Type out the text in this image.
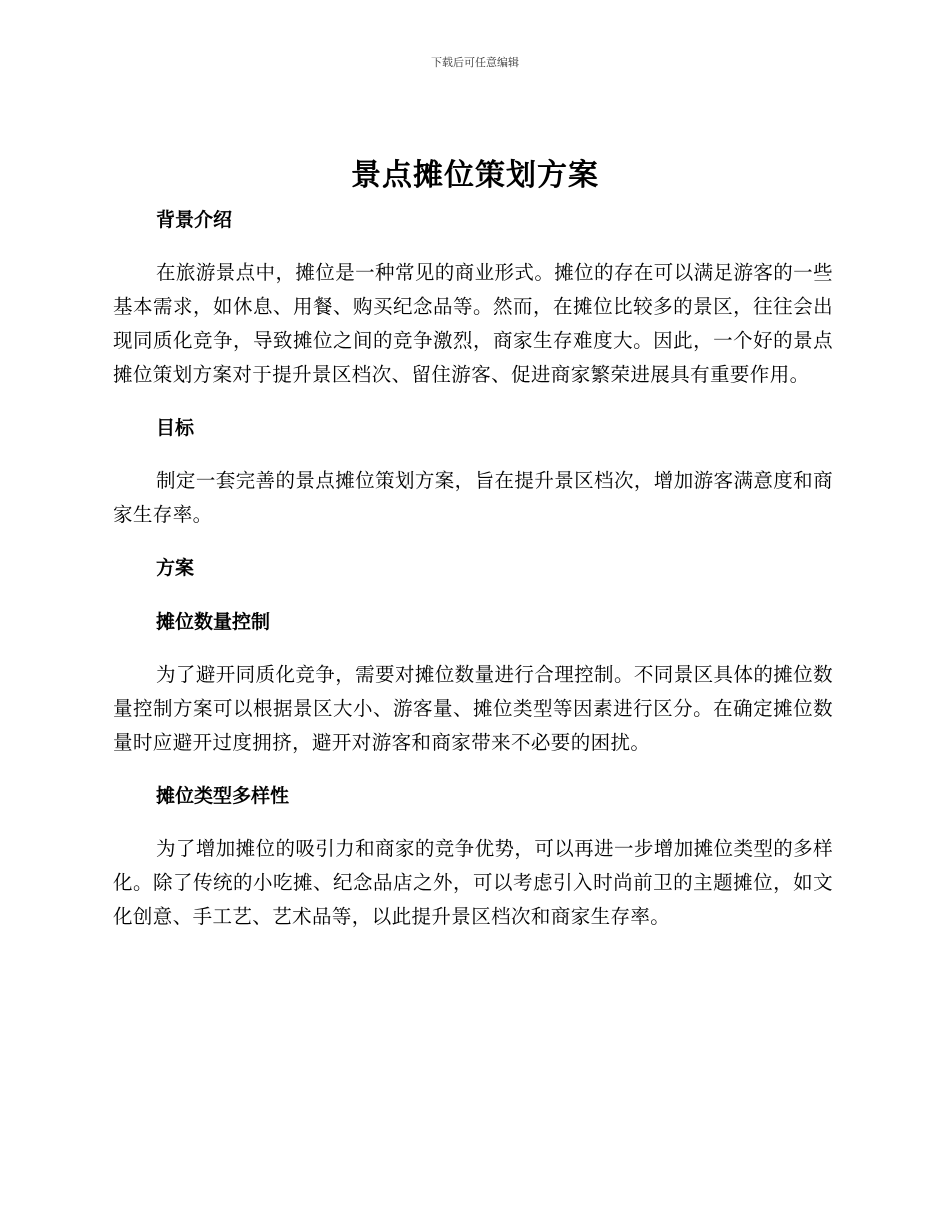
下载后可任意编辑
景点摊位策划方案

背景介绍

在旅游景点中，摊位是一种常见的商业形式。摊位的存在可以满足游客的一些基本需求，如休息、用餐、购买纪念品等。然而，在摊位比较多的景区，往往会出现同质化竞争，导致摊位之间的竞争激烈，商家生存难度大。因此，一个好的景点摊位策划方案对于提升景区档次、留住游客、促进商家繁荣进展具有重要作用。

目标

制定一套完善的景点摊位策划方案，旨在提升景区档次，增加游客满意度和商家生存率。

方案

摊位数量控制

为了避开同质化竞争，需要对摊位数量进行合理控制。不同景区具体的摊位数量控制方案可以根据景区大小、游客量、摊位类型等因素进行区分。在确定摊位数量时应避开过度拥挤，避开对游客和商家带来不必要的困扰。

摊位类型多样性

为了增加摊位的吸引力和商家的竞争优势，可以再进一步增加摊位类型的多样化。除了传统的小吃摊、纪念品店之外，可以考虑引入时尚前卫的主题摊位，如文化创意、手工艺、艺术品等，以此提升景区档次和商家生存率。
